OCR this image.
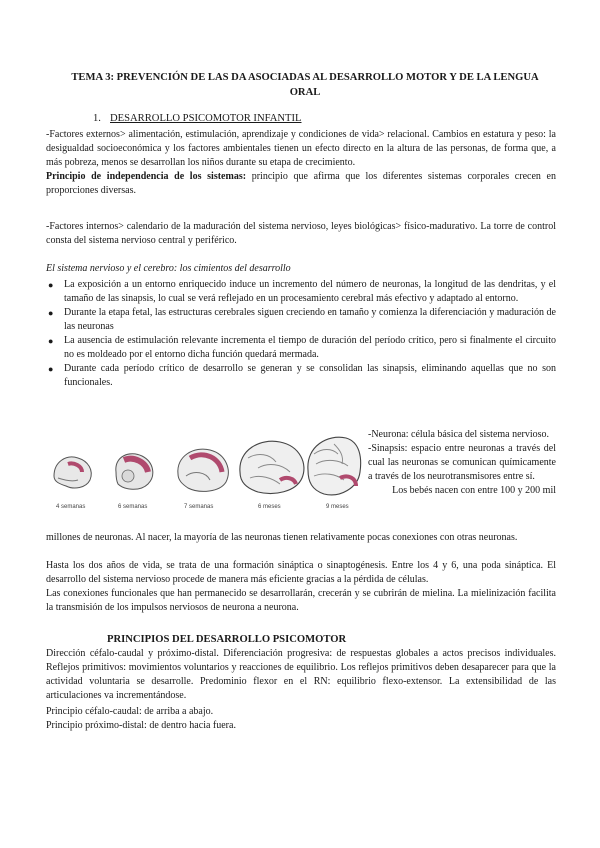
TEMA 3: PREVENCIÓN DE LAS DA ASOCIADAS AL DESARROLLO MOTOR Y DE LA LENGUA ORAL
1. DESARROLLO PSICOMOTOR INFANTIL
-Factores externos> alimentación, estimulación, aprendizaje y condiciones de vida> relacional. Cambios en estatura y peso: la desigualdad socioeconómica y los factores ambientales tienen un efecto directo en la altura de las personas, de forma que, a más pobreza, menos se desarrollan los niños durante su etapa de crecimiento.
Principio de independencia de los sistemas: principio que afirma que los diferentes sistemas corporales crecen en proporciones diversas.
-Factores internos> calendario de la maduración del sistema nervioso, leyes biológicas> físico-madurativo. La torre de control consta del sistema nervioso central y periférico.
El sistema nervioso y el cerebro: los cimientos del desarrollo
● La exposición a un entorno enriquecido induce un incremento del número de neuronas, la longitud de las dendritas, y el tamaño de las sinapsis, lo cual se verá reflejado en un procesamiento cerebral más efectivo y adaptado al entorno.
● Durante la etapa fetal, las estructuras cerebrales siguen creciendo en tamaño y comienza la diferenciación y maduración de las neuronas
● La ausencia de estimulación relevante incrementa el tiempo de duración del período crítico, pero si finalmente el circuito no es moldeado por el entorno dicha función quedará mermada.
● Durante cada período crítico de desarrollo se generan y se consolidan las sinapsis, eliminando aquellas que no son funcionales.
4 semanas	6 semanas	7 semanas	6 meses	9 meses
-Neurona: célula básica del sistema nervioso.
-Sinapsis: espacio entre neuronas a través del cual las neuronas se comunican químicamente a través de los neurotransmisores entre sí.
Los bebés nacen con entre 100 y 200 mil
millones de neuronas. Al nacer, la mayoría de las neuronas tienen relativamente pocas conexiones con otras neuronas.
Hasta los dos años de vida, se trata de una formación sináptica o sinaptogénesis. Entre los 4 y 6, una poda sináptica. El desarrollo del sistema nervioso procede de manera más eficiente gracias a la pérdida de células.
Las conexiones funcionales que han permanecido se desarrollarán, crecerán y se cubrirán de mielina. La mielinización facilita la transmisión de los impulsos nerviosos de neurona a neurona.
PRINCIPIOS DEL DESARROLLO PSICOMOTOR
Dirección céfalo-caudal y próximo-distal. Diferenciación progresiva: de respuestas globales a actos precisos individuales. Reflejos primitivos: movimientos voluntarios y reacciones de equilibrio. Los reflejos primitivos deben desaparecer para que la actividad voluntaria se desarrolle. Predominio flexor en el RN: equilibrio flexo-extensor. La extensibilidad de las articulaciones va incrementándose.
Principio céfalo-caudal: de arriba a abajo.
Principio próximo-distal: de dentro hacia fuera.
